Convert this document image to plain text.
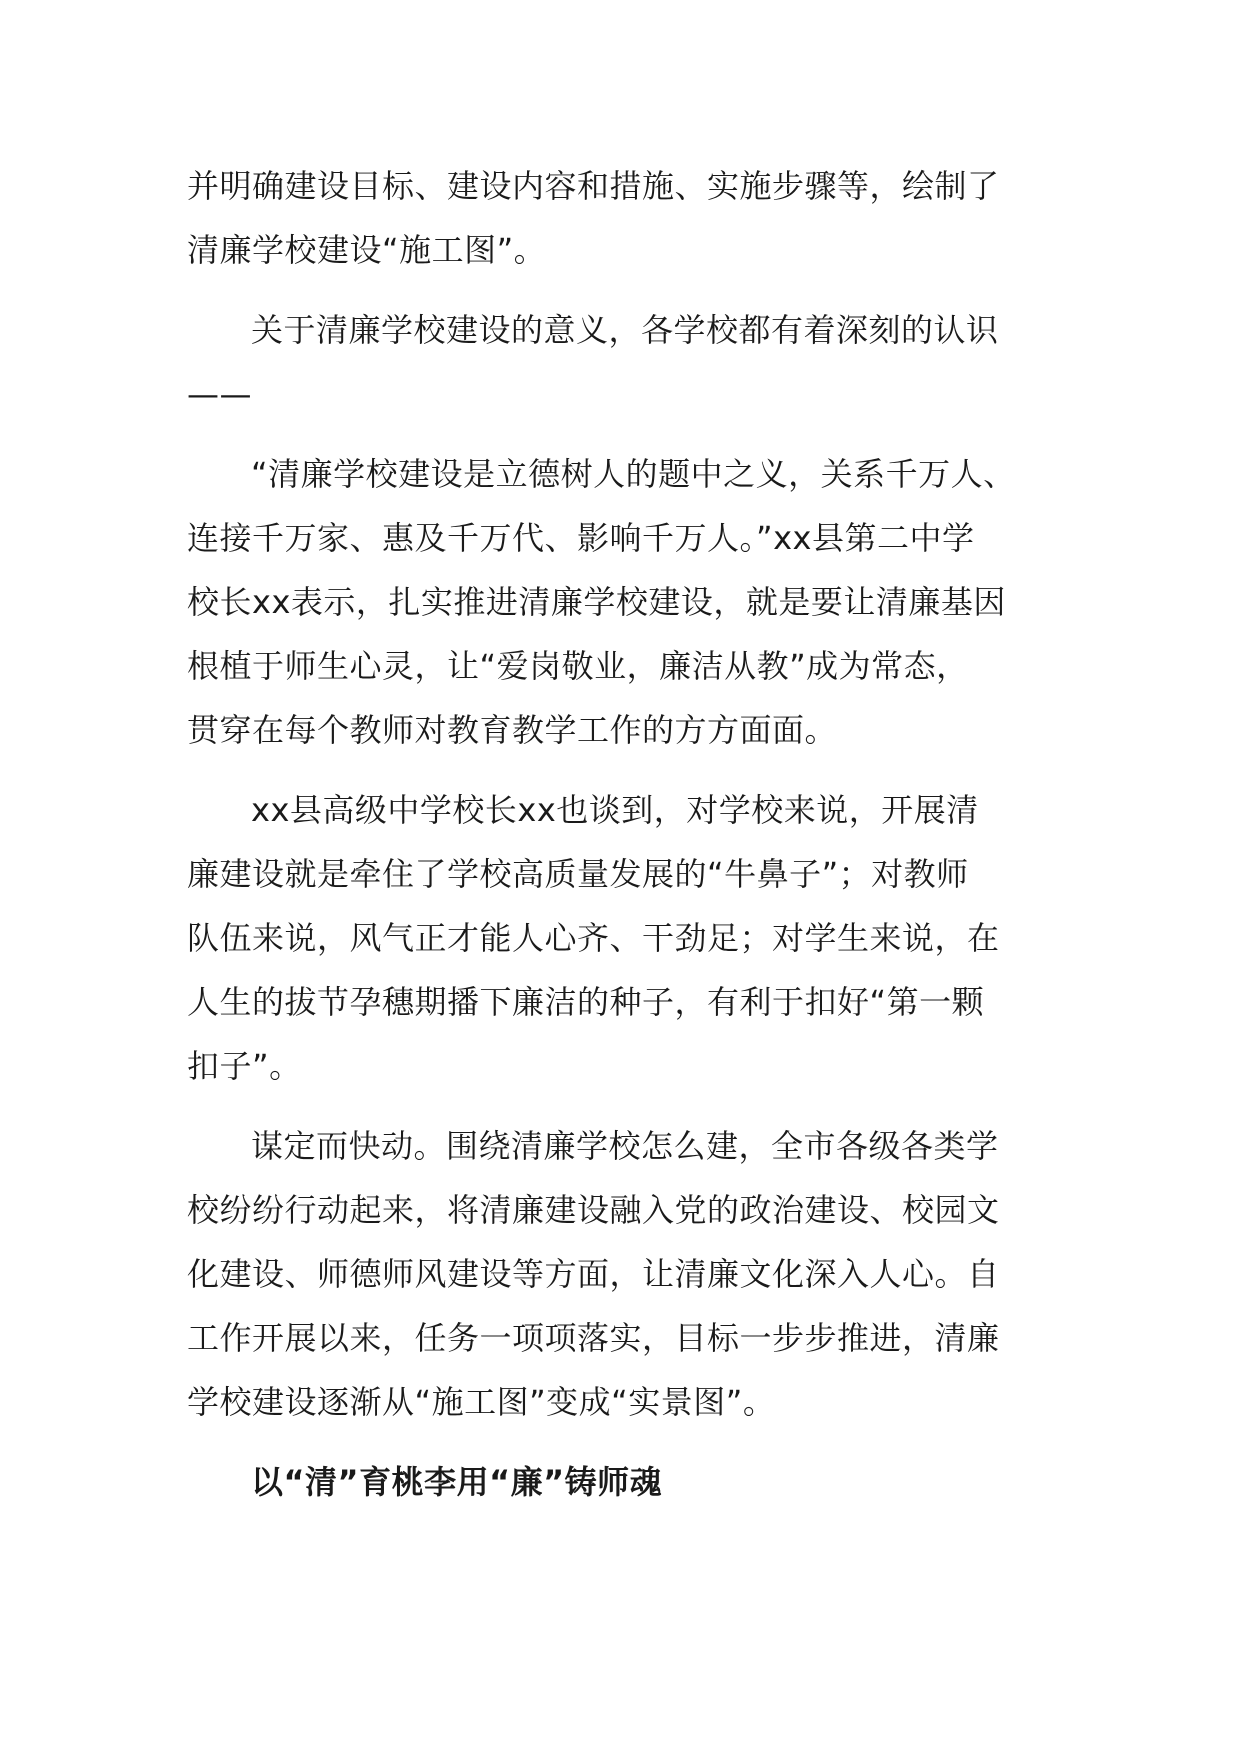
并明确建设目标、建设内容和措施、实施步骤等，绘制了
清廉学校建设“施工图”。

关于清廉学校建设的意义，各学校都有着深刻的认识
——

“清廉学校建设是立德树人的题中之义，关系千万人、
连接千万家、惠及千万代、影响千万人。”xx县第二中学
校长xx表示，扎实推进清廉学校建设，就是要让清廉基因
根植于师生心灵，让“爱岗敬业，廉洁从教”成为常态，
贯穿在每个教师对教育教学工作的方方面面。

xx县高级中学校长xx也谈到，对学校来说，开展清
廉建设就是牵住了学校高质量发展的“牛鼻子”；对教师
队伍来说，风气正才能人心齐、干劲足；对学生来说，在
人生的拔节孕穗期播下廉洁的种子，有利于扣好“第一颗
扣子”。

谋定而快动。围绕清廉学校怎么建，全市各级各类学
校纷纷行动起来，将清廉建设融入党的政治建设、校园文
化建设、师德师风建设等方面，让清廉文化深入人心。自
工作开展以来，任务一项项落实，目标一步步推进，清廉
学校建设逐渐从“施工图”变成“实景图”。

以“清”育桃李用“廉”铸师魂
